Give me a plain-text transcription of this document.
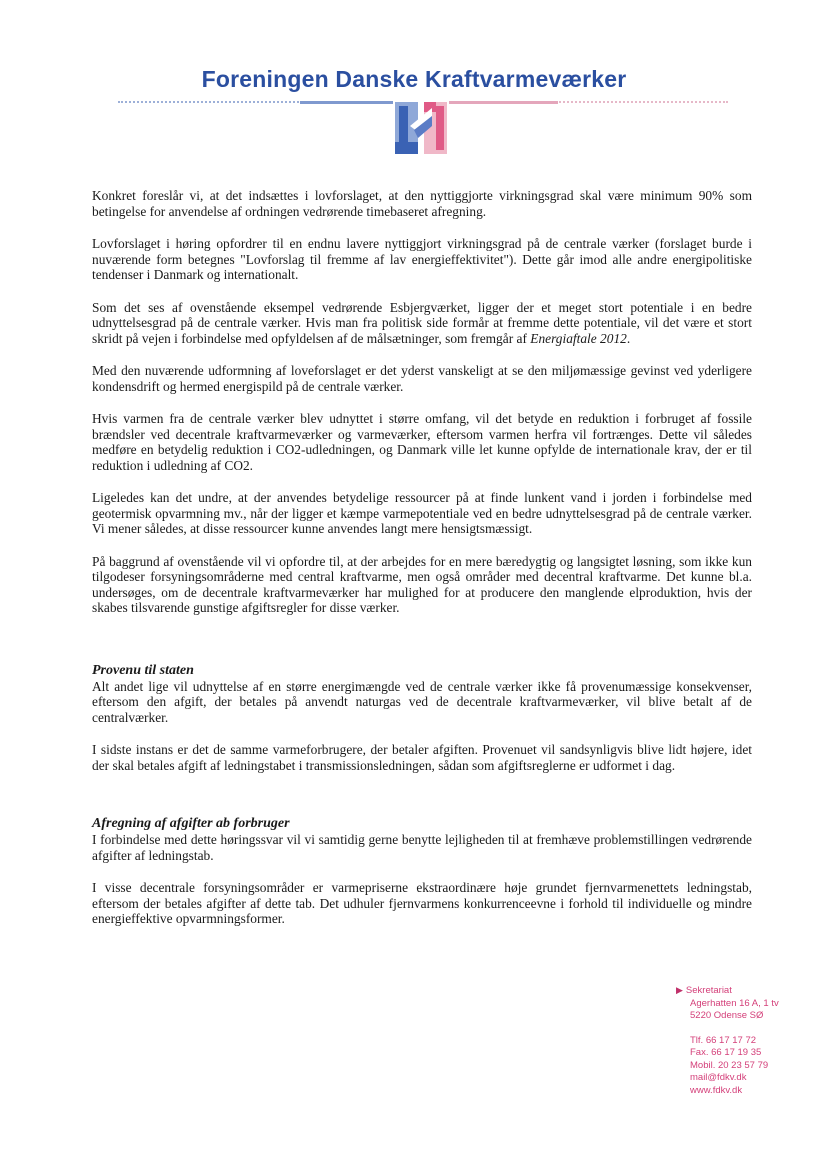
Foreningen Danske Kraftvarmeværker

Konkret foreslår vi, at det indsættes i lovforslaget, at den nyttiggjorte virkningsgrad skal være minimum 90% som betingelse for anvendelse af ordningen vedrørende timebaseret afregning.

Lovforslaget i høring opfordrer til en endnu lavere nyttiggjort virkningsgrad på de centrale værker (forslaget burde i nuværende form betegnes "Lovforslag til fremme af lav energieffektivitet"). Dette går imod alle andre energipolitiske tendenser i Danmark og internationalt.

Som det ses af ovenstående eksempel vedrørende Esbjergværket, ligger der et meget stort potentiale i en bedre udnyttelsesgrad på de centrale værker. Hvis man fra politisk side formår at fremme dette potentiale, vil det være et stort skridt på vejen i forbindelse med opfyldelsen af de målsætninger, som fremgår af Energiaftale 2012.

Med den nuværende udformning af loveforslaget er det yderst vanskeligt at se den miljømæssige gevinst ved yderligere kondensdrift og hermed energispild på de centrale værker.

Hvis varmen fra de centrale værker blev udnyttet i større omfang, vil det betyde en reduktion i forbruget af fossile brændsler ved decentrale kraftvarmeværker og varmeværker, eftersom varmen herfra vil fortrænges. Dette vil således medføre en betydelig reduktion i CO2-udledningen, og Danmark ville let kunne opfylde de internationale krav, der er til reduktion i udledning af CO2.

Ligeledes kan det undre, at der anvendes betydelige ressourcer på at finde lunkent vand i jorden i forbindelse med geotermisk opvarmning mv., når der ligger et kæmpe varmepotentiale ved en bedre udnyttelsesgrad på de centrale værker. Vi mener således, at disse ressourcer kunne anvendes langt mere hensigtsmæssigt.

På baggrund af ovenstående vil vi opfordre til, at der arbejdes for en mere bæredygtig og langsigtet løsning, som ikke kun tilgodeser forsyningsområderne med central kraftvarme, men også områder med decentral kraftvarme. Det kunne bl.a. undersøges, om de decentrale kraftvarmeværker har mulighed for at producere den manglende elproduktion, hvis der skabes tilsvarende gunstige afgiftsregler for disse værker.

Provenu til staten

Alt andet lige vil udnyttelse af en større energimængde ved de centrale værker ikke få provenumæssige konsekvenser, eftersom den afgift, der betales på anvendt naturgas ved de decentrale kraftvarmeværker, vil blive betalt af de centralværker.

I sidste instans er det de samme varmeforbrugere, der betaler afgiften. Provenuet vil sandsynligvis blive lidt højere, idet der skal betales afgift af ledningstabet i transmissionsledningen, sådan som afgiftsreglerne er udformet i dag.

Afregning af afgifter ab forbruger

I forbindelse med dette høringssvar vil vi samtidig gerne benytte lejligheden til at fremhæve problemstillingen vedrørende afgifter af ledningstab.

I visse decentrale forsyningsområder er varmepriserne ekstraordinære høje grundet fjernvarmenettets ledningstab, eftersom der betales afgifter af dette tab. Det udhuler fjernvarmens konkurrenceevne i forhold til individuelle og mindre energieffektive opvarmningsformer.

▶ Sekretariat
Agerhatten 16 A, 1 tv
5220 Odense SØ
Tlf. 66 17 17 72
Fax. 66 17 19 35
Mobil. 20 23 57 79
mail@fdkv.dk
www.fdkv.dk
